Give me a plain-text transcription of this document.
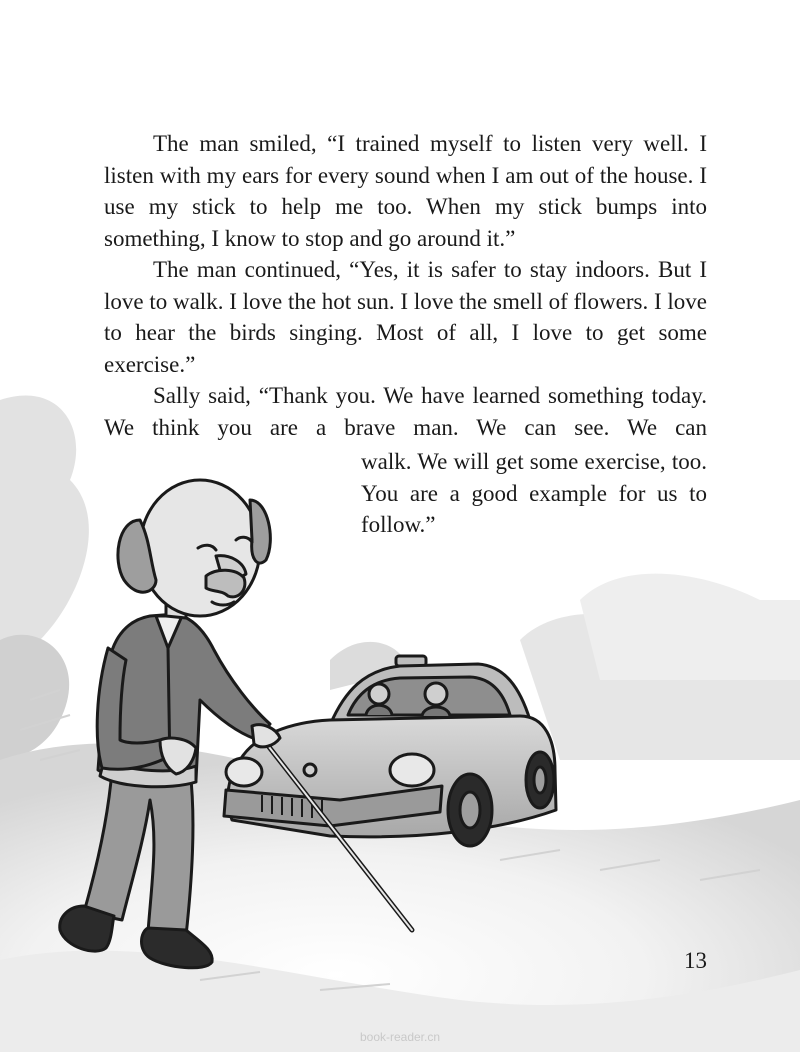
The man smiled, “I trained myself to listen very well. I listen with my ears for every sound when I am out of the house. I use my stick to help me too. When my stick bumps into something, I know to stop and go around it.”

The man continued, “Yes, it is safer to stay indoors. But I love to walk. I love the hot sun. I love the smell of flowers. I love to hear the birds singing. Most of all, I love to get some exercise.”

Sally said, “Thank you. We have learned something today. We think you are a brave man. We can see. We can

walk. We will get some exercise, too. You are a good example for us to follow.”

13
book-reader.cn
